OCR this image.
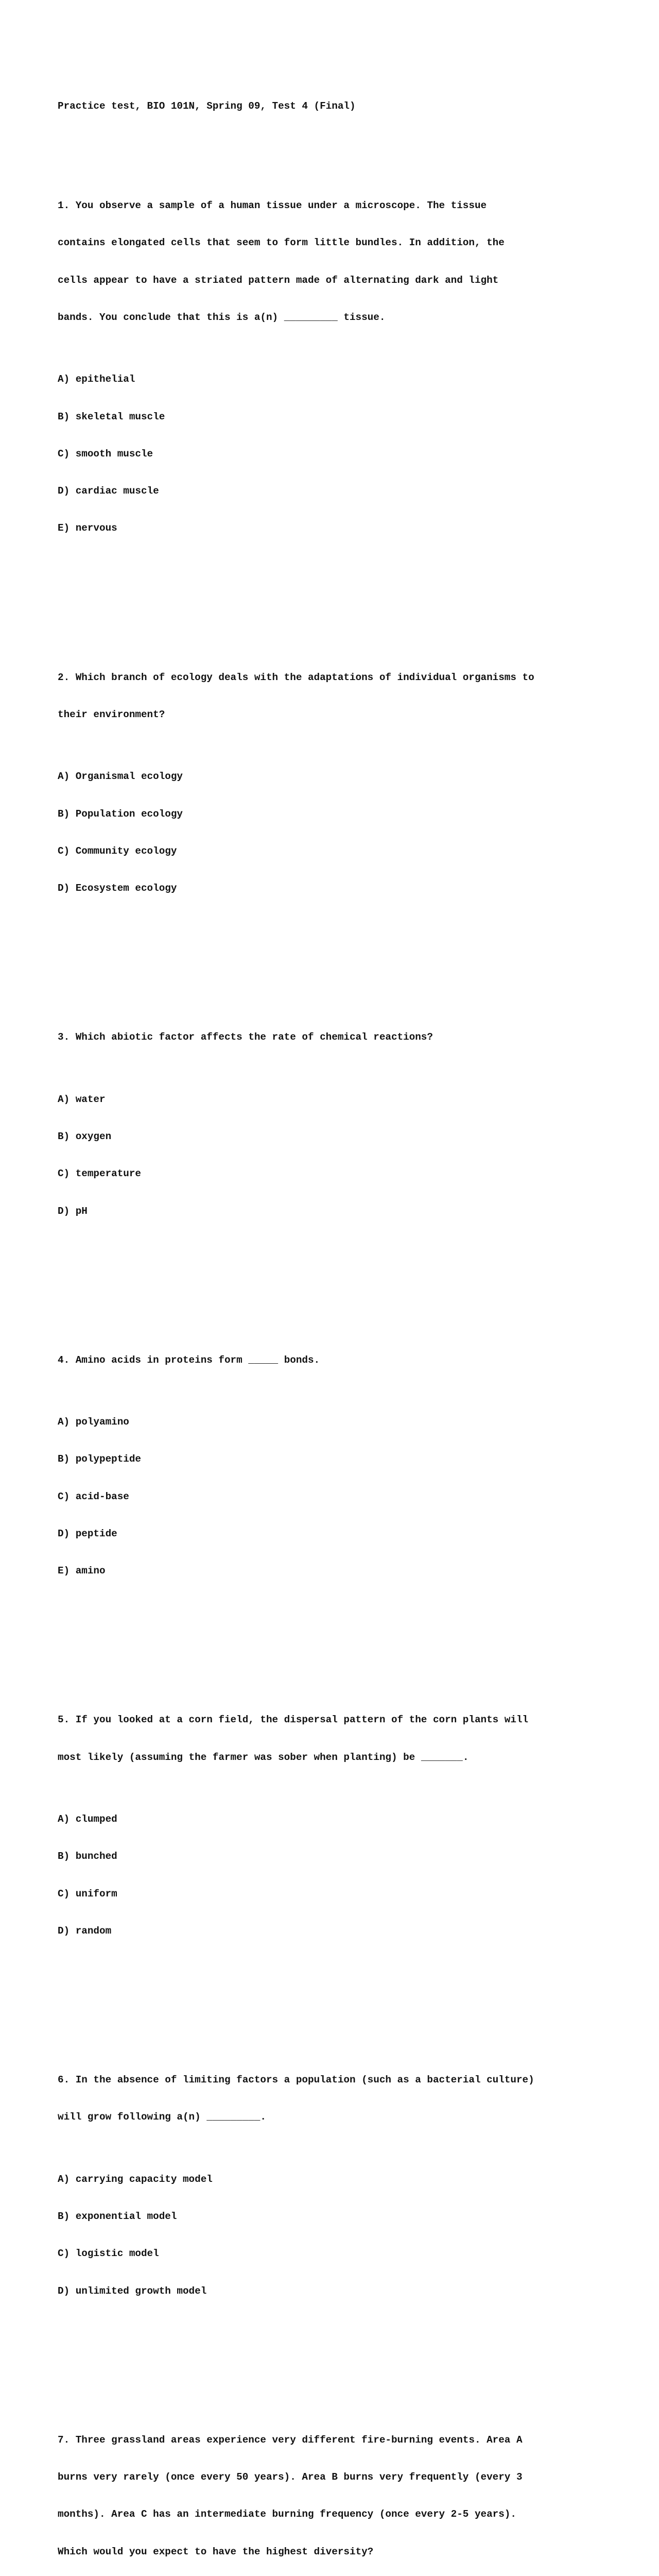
Practice test, BIO 101N, Spring 09, Test 4 (Final)

1. You observe a sample of a human tissue under a microscope. The tissue

contains elongated cells that seem to form little bundles. In addition, the

cells appear to have a striated pattern made of alternating dark and light

bands. You conclude that this is a(n) _________ tissue.

A) epithelial

B) skeletal muscle

C) smooth muscle

D) cardiac muscle

E) nervous

2. Which branch of ecology deals with the adaptations of individual organisms to

their environment?

A) Organismal ecology

B) Population ecology

C) Community ecology

D) Ecosystem ecology

3. Which abiotic factor affects the rate of chemical reactions?

A) water

B) oxygen

C) temperature

D) pH

4. Amino acids in proteins form _____ bonds.

A) polyamino

B) polypeptide

C) acid-base

D) peptide

E) amino

5. If you looked at a corn field, the dispersal pattern of the corn plants will

most likely (assuming the farmer was sober when planting) be _______.

A) clumped

B) bunched

C) uniform

D) random

6. In the absence of limiting factors a population (such as a bacterial culture)

will grow following a(n) _________.

A) carrying capacity model

B) exponential model

C) logistic model

D) unlimited growth model

7. Three grassland areas experience very different fire-burning events. Area A

burns very rarely (once every 50 years). Area B burns very frequently (every 3

months). Area C has an intermediate burning frequency (once every 2-5 years).

Which would you expect to have the highest diversity?
